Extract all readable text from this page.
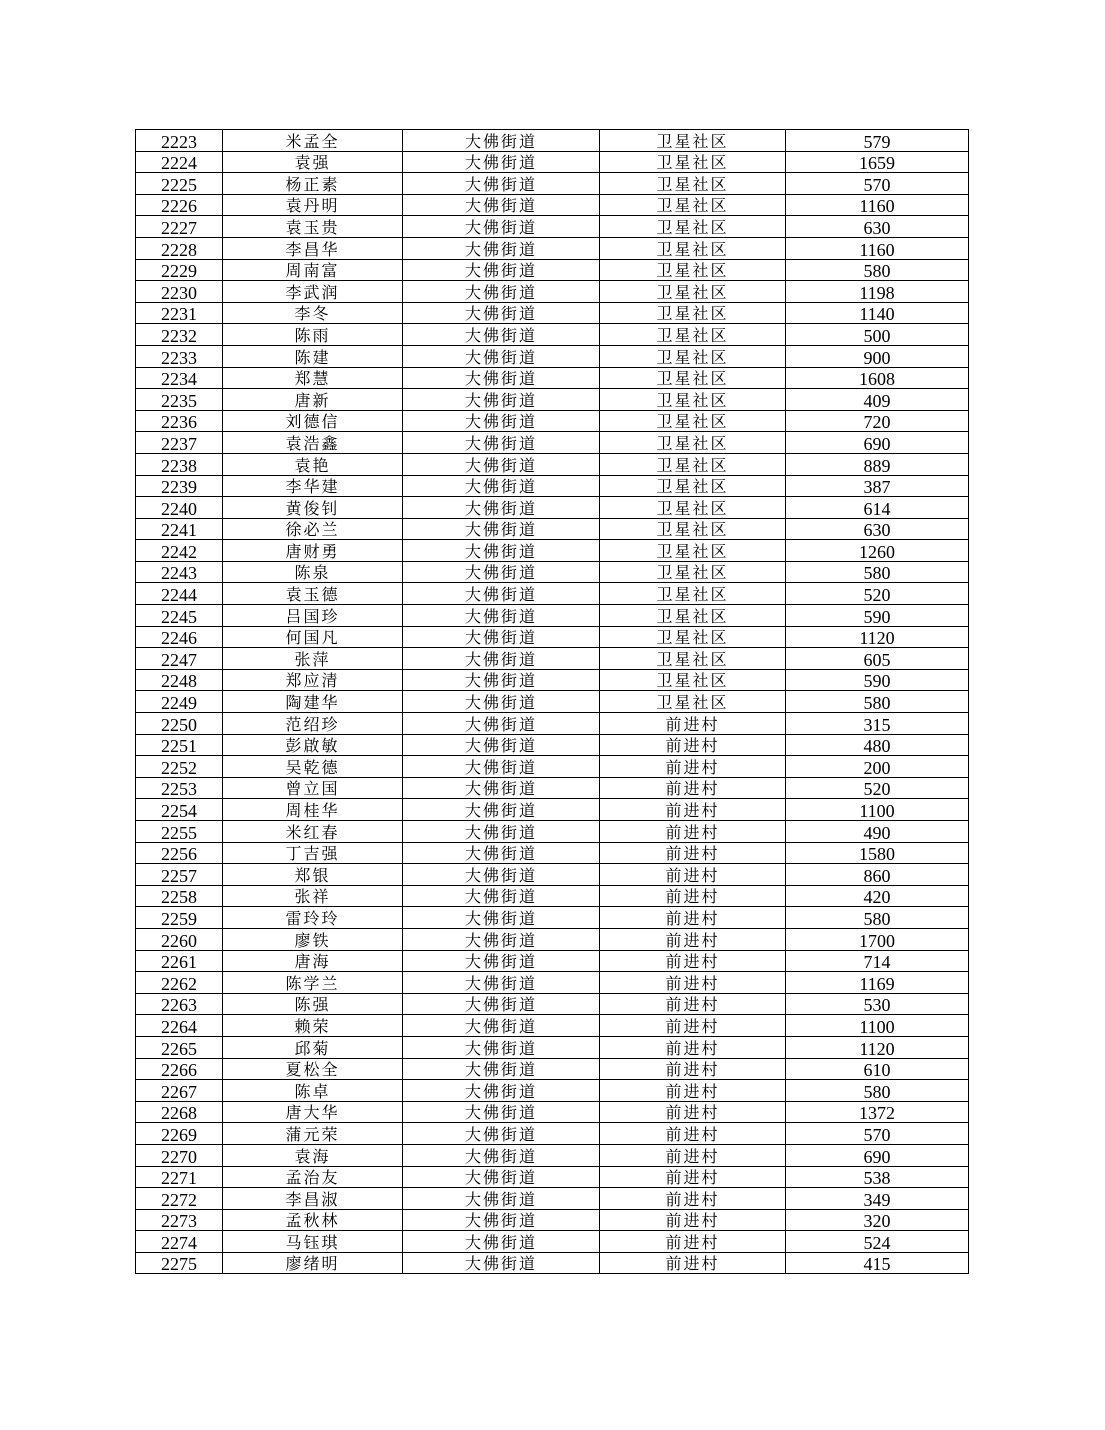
2223	米孟全	大佛街道	卫星社区	579
2224	袁强	大佛街道	卫星社区	1659
2225	杨正素	大佛街道	卫星社区	570
2226	袁丹明	大佛街道	卫星社区	1160
2227	袁玉贵	大佛街道	卫星社区	630
2228	李昌华	大佛街道	卫星社区	1160
2229	周南富	大佛街道	卫星社区	580
2230	李武润	大佛街道	卫星社区	1198
2231	李冬	大佛街道	卫星社区	1140
2232	陈雨	大佛街道	卫星社区	500
2233	陈建	大佛街道	卫星社区	900
2234	郑慧	大佛街道	卫星社区	1608
2235	唐新	大佛街道	卫星社区	409
2236	刘德信	大佛街道	卫星社区	720
2237	袁浩鑫	大佛街道	卫星社区	690
2238	袁艳	大佛街道	卫星社区	889
2239	李华建	大佛街道	卫星社区	387
2240	黄俊钊	大佛街道	卫星社区	614
2241	徐必兰	大佛街道	卫星社区	630
2242	唐财勇	大佛街道	卫星社区	1260
2243	陈泉	大佛街道	卫星社区	580
2244	袁玉德	大佛街道	卫星社区	520
2245	吕国珍	大佛街道	卫星社区	590
2246	何国凡	大佛街道	卫星社区	1120
2247	张萍	大佛街道	卫星社区	605
2248	郑应清	大佛街道	卫星社区	590
2249	陶建华	大佛街道	卫星社区	580
2250	范绍珍	大佛街道	前进村	315
2251	彭啟敏	大佛街道	前进村	480
2252	吴乾德	大佛街道	前进村	200
2253	曾立国	大佛街道	前进村	520
2254	周桂华	大佛街道	前进村	1100
2255	米红春	大佛街道	前进村	490
2256	丁吉强	大佛街道	前进村	1580
2257	郑银	大佛街道	前进村	860
2258	张祥	大佛街道	前进村	420
2259	雷玲玲	大佛街道	前进村	580
2260	廖铁	大佛街道	前进村	1700
2261	唐海	大佛街道	前进村	714
2262	陈学兰	大佛街道	前进村	1169
2263	陈强	大佛街道	前进村	530
2264	赖荣	大佛街道	前进村	1100
2265	邱菊	大佛街道	前进村	1120
2266	夏松全	大佛街道	前进村	610
2267	陈卓	大佛街道	前进村	580
2268	唐大华	大佛街道	前进村	1372
2269	蒲元荣	大佛街道	前进村	570
2270	袁海	大佛街道	前进村	690
2271	孟治友	大佛街道	前进村	538
2272	李昌淑	大佛街道	前进村	349
2273	孟秋林	大佛街道	前进村	320
2274	马钰琪	大佛街道	前进村	524
2275	廖绪明	大佛街道	前进村	415
